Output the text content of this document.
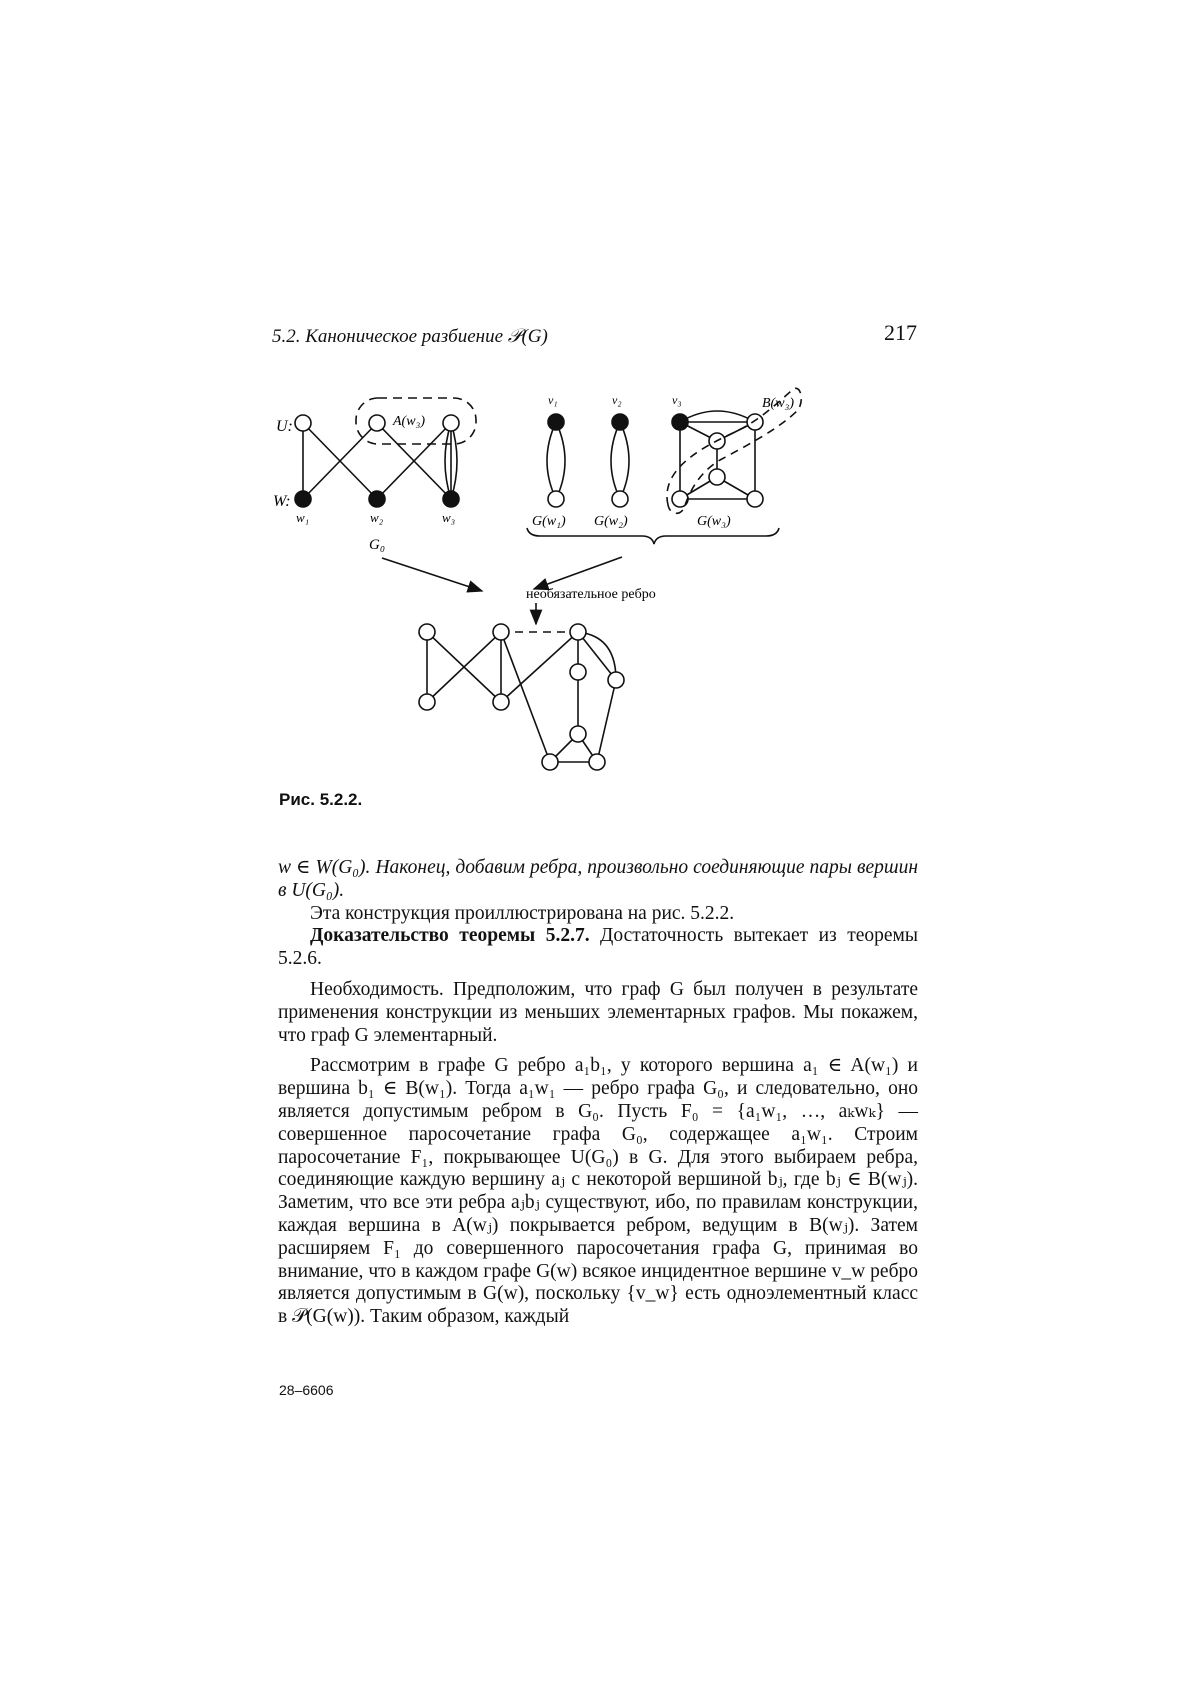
5.2. Каноническое разбиение 𝒫(G)	217
U:
W:
A(w₃)
w₁	w₂	w₃
G₀
v₁	v₂	v₃	B(w₃)
G(w₁) G(w₂)	G(w₃)
необязательное ребро
Рис. 5.2.2.

w ∈ W(G₀). Наконец, добавим ребра, произвольно соединяющие пары вершин в U(G₀).

Эта конструкция проиллюстрирована на рис. 5.2.2.

Доказательство теоремы 5.2.7. Достаточность вытекает из теоремы 5.2.6.

Необходимость. Предположим, что граф G был получен в результате применения конструкции из меньших элементарных графов. Мы покажем, что граф G элементарный.

Рассмотрим в графе G ребро a₁b₁, у которого вершина a₁ ∈ A(w₁) и вершина b₁ ∈ B(w₁). Тогда a₁w₁ — ребро графа G₀, и следовательно, оно является допустимым ребром в G₀. Пусть F₀ = {a₁w₁, …, aₖwₖ} — совершенное паросочетание графа G₀, содержащее a₁w₁. Строим паросочетание F₁, покрывающее U(G₀) в G. Для этого выбираем ребра, соединяющие каждую вершину aⱼ с некоторой вершиной bⱼ, где bⱼ ∈ B(wⱼ). Заметим, что все эти ребра aⱼbⱼ существуют, ибо, по правилам конструкции, каждая вершина в A(wⱼ) покрывается ребром, ведущим в B(wⱼ). Затем расширяем F₁ до совершенного паросочетания графа G, принимая во внимание, что в каждом графе G(w) всякое инцидентное вершине v_w ребро является допустимым в G(w), поскольку {v_w} есть одноэлементный класс в 𝒫(G(w)). Таким образом, каждый

28–6606
